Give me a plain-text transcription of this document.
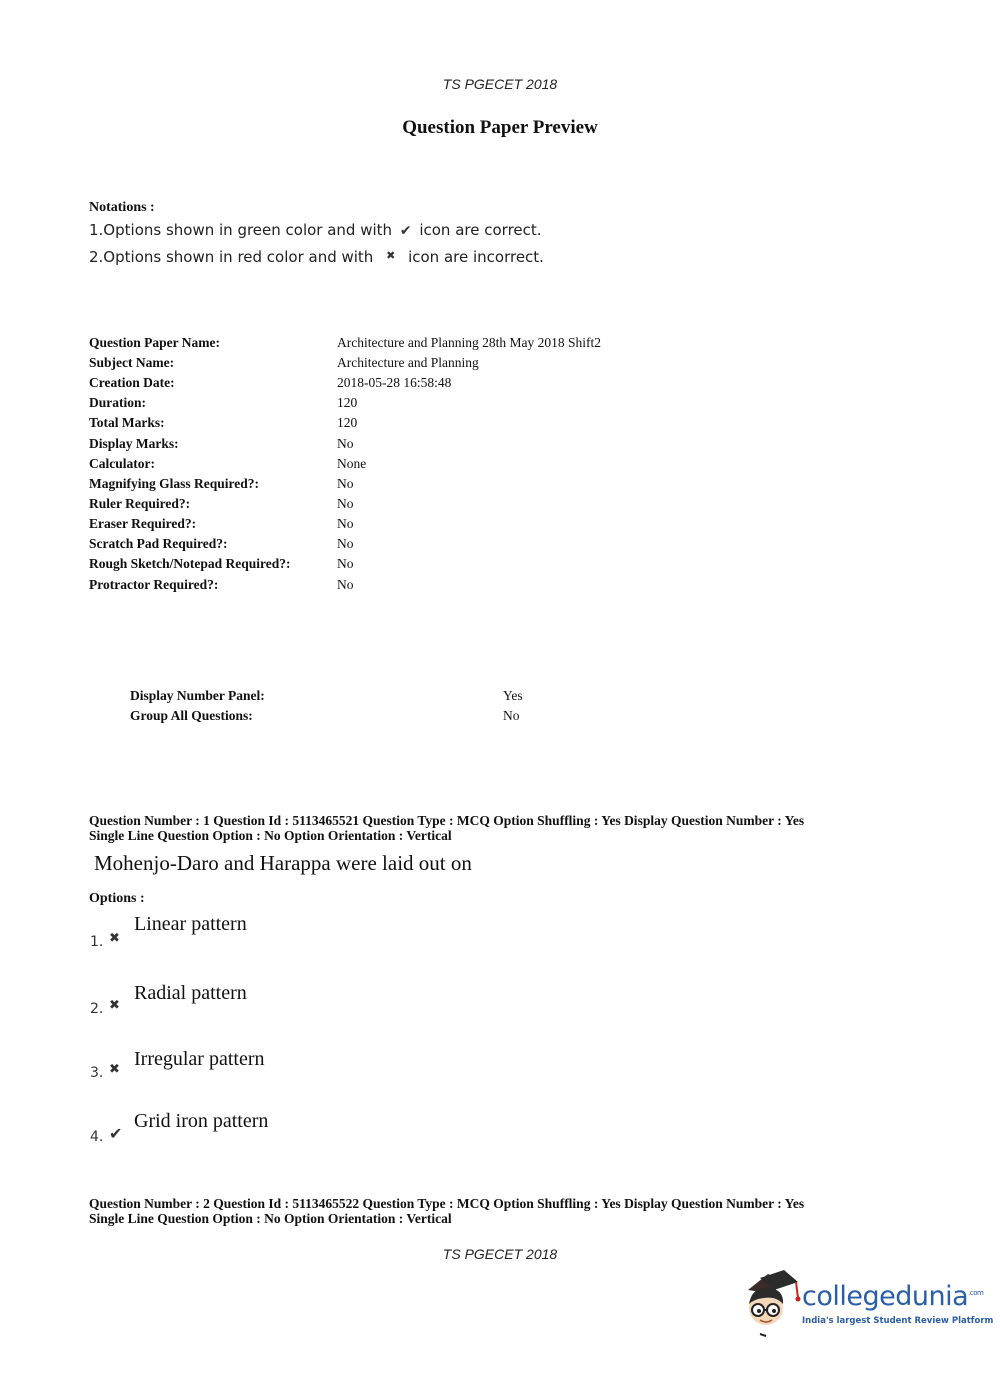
TS PGECET 2018
Question Paper Preview
Notations :
1.Options shown in green color and with ✔ icon are correct.
2.Options shown in red color and with ✖ icon are incorrect.
Question Paper Name:	Architecture and Planning 28th May 2018 Shift2
Subject Name:	Architecture and Planning
Creation Date:	2018-05-28 16:58:48
Duration:	120
Total Marks:	120
Display Marks:	No
Calculator:	None
Magnifying Glass Required?:	No
Ruler Required?:	No
Eraser Required?:	No
Scratch Pad Required?:	No
Rough Sketch/Notepad Required?:	No
Protractor Required?:	No
Display Number Panel:	Yes
Group All Questions:	No
Question Number : 1 Question Id : 5113465521 Question Type : MCQ Option Shuffling : Yes Display Question Number : Yes
Single Line Question Option : No Option Orientation : Vertical
Mohenjo-Daro and Harappa were laid out on
Options :
1. ✖
Linear pattern
2. ✖
Radial pattern
3. ✖ Irregular pattern
4. ✔
Grid iron pattern
Question Number : 2 Question Id : 5113465522 Question Type : MCQ Option Shuffling : Yes Display Question Number : Yes
Single Line Question Option : No Option Orientation : Vertical
TS PGECET 2018
collegedunia$^{.com}$
India's largest Student Review Platform
